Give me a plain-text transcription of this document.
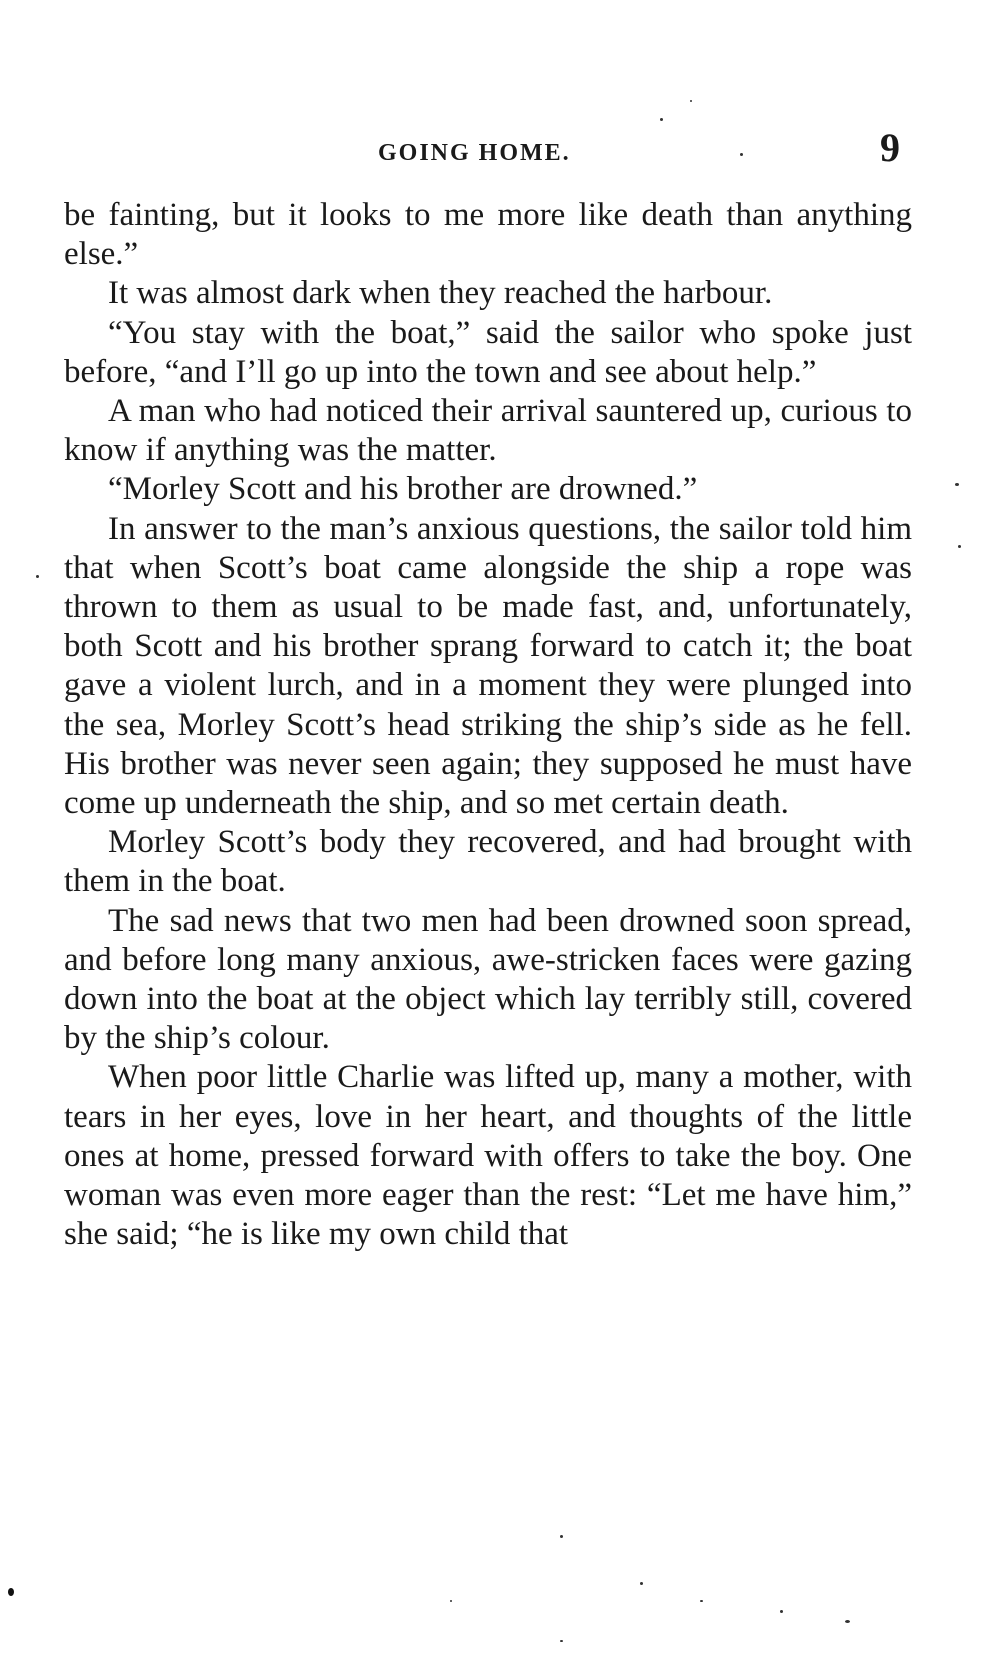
GOING HOME.	9

be fainting, but it looks to me more like death than anything else.”

It was almost dark when they reached the harbour.

“You stay with the boat,” said the sailor who spoke just before, “and I’ll go up into the town and see about help.”

A man who had noticed their arrival sauntered up, curious to know if anything was the matter.

“Morley Scott and his brother are drowned.”

In answer to the man’s anxious questions, the sailor told him that when Scott’s boat came alongside the ship a rope was thrown to them as usual to be made fast, and, unfortunately, both Scott and his brother sprang forward to catch it; the boat gave a violent lurch, and in a moment they were plunged into the sea, Morley Scott’s head striking the ship’s side as he fell. His brother was never seen again; they supposed he must have come up underneath the ship, and so met certain death.

Morley Scott’s body they recovered, and had brought with them in the boat.

The sad news that two men had been drowned soon spread, and before long many anxious, awe-stricken faces were gazing down into the boat at the object which lay terribly still, covered by the ship’s colour.

When poor little Charlie was lifted up, many a mother, with tears in her eyes, love in her heart, and thoughts of the little ones at home, pressed forward with offers to take the boy. One woman was even more eager than the rest: “Let me have him,” she said; “he is like my own child that
